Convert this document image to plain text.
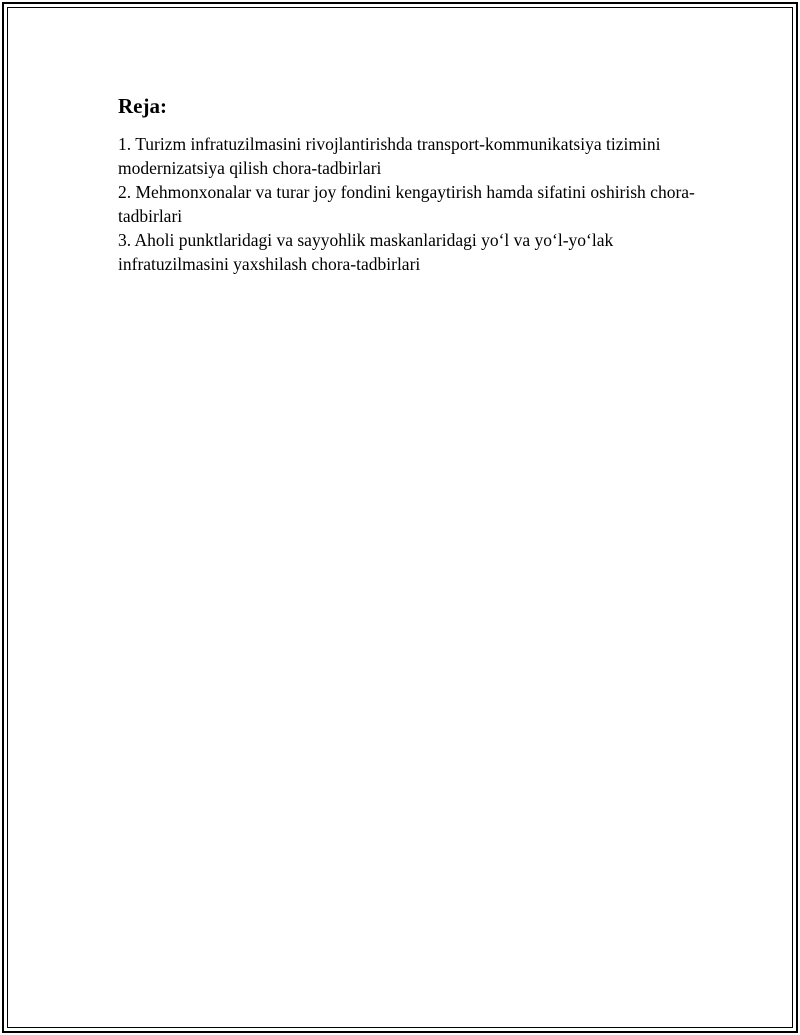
Reja:

1. Turizm infratuzilmasini rivojlantirishda transport-kommunikatsiya tizimini modernizatsiya qilish chora-tadbirlari

2. Mehmonxonalar va turar joy fondini kengaytirish hamda sifatini oshirish chora-tadbirlari

3. Aholi punktlaridagi va sayyohlik maskanlaridagi yo‘l va yo‘l-yo‘lak infratuzilmasini yaxshilash chora-tadbirlari
